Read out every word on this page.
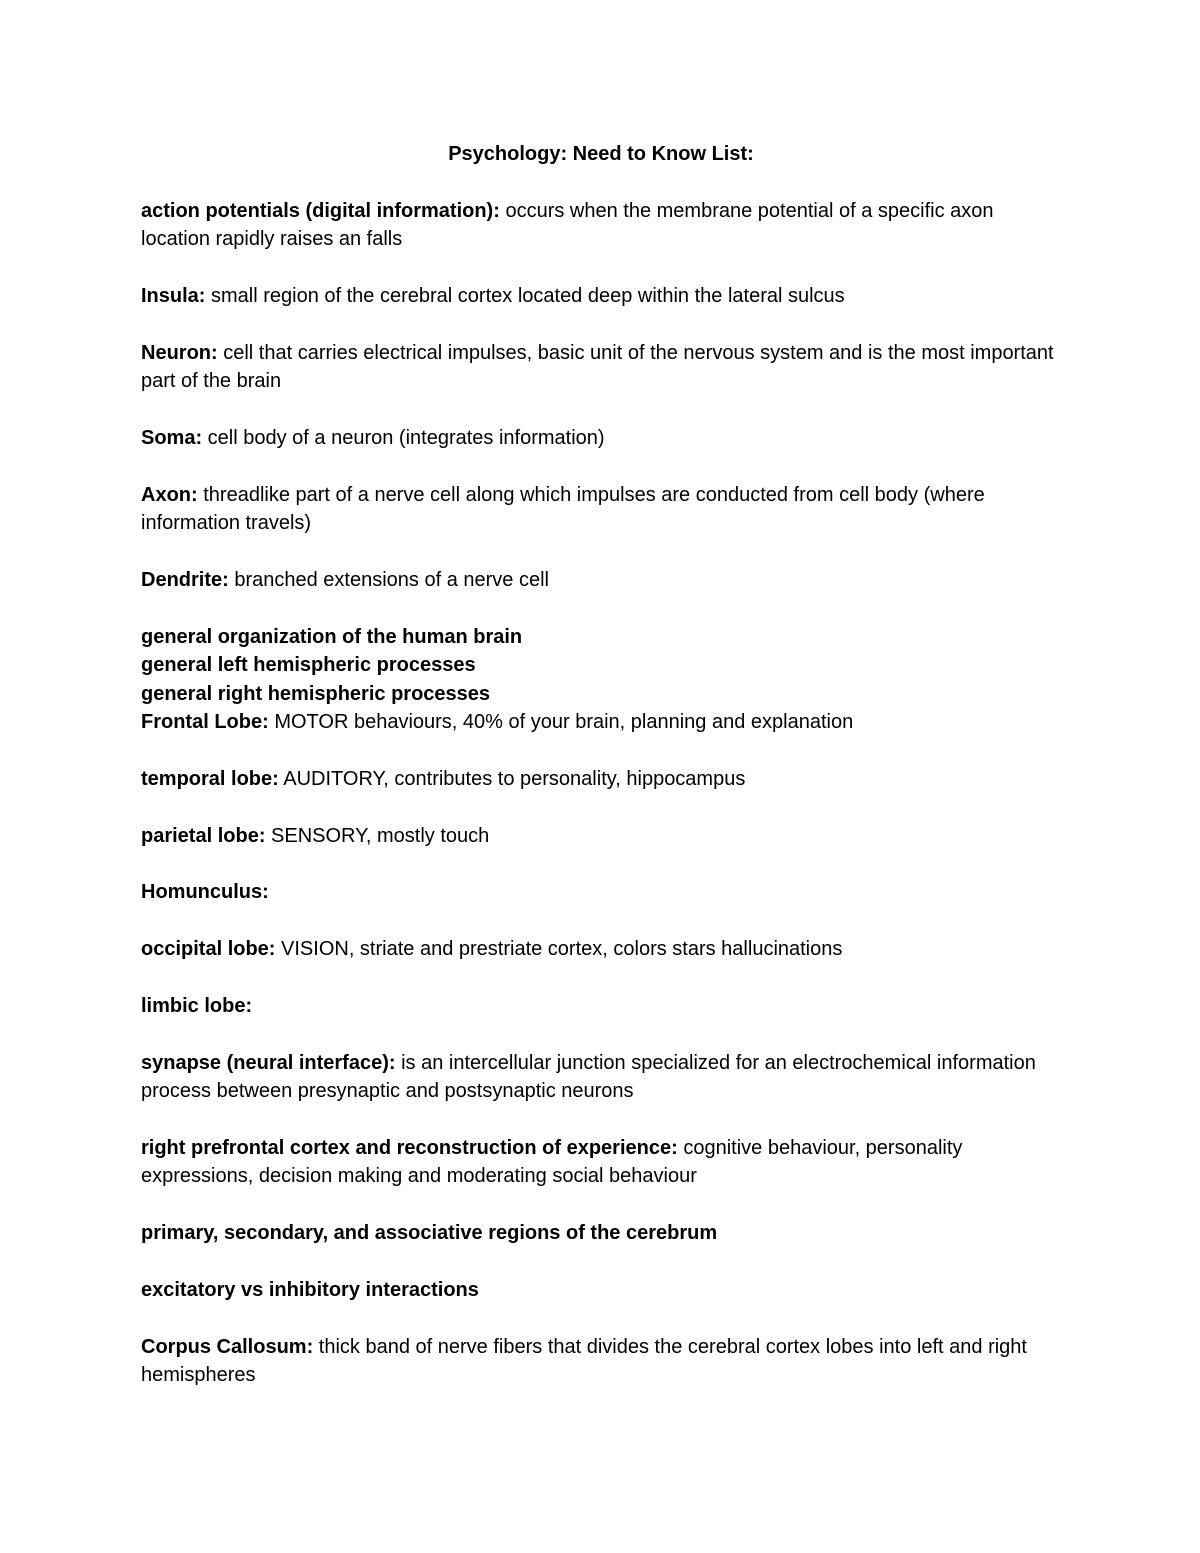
Psychology: Need to Know List:

action potentials (digital information): occurs when the membrane potential of a specific axon location rapidly raises an falls

Insula: small region of the cerebral cortex located deep within the lateral sulcus

Neuron: cell that carries electrical impulses, basic unit of the nervous system and is the most important part of the brain

Soma: cell body of a neuron (integrates information)

Axon: threadlike part of a nerve cell along which impulses are conducted from cell body (where information travels)

Dendrite: branched extensions of a nerve cell

general organization of the human brain

general left hemispheric processes

general right hemispheric processes

Frontal Lobe: MOTOR behaviours, 40% of your brain, planning and explanation

temporal lobe: AUDITORY, contributes to personality, hippocampus

parietal lobe: SENSORY, mostly touch

Homunculus:

occipital lobe: VISION, striate and prestriate cortex, colors stars hallucinations

limbic lobe:

synapse (neural interface): is an intercellular junction specialized for an electrochemical information process between presynaptic and postsynaptic neurons

right prefrontal cortex and reconstruction of experience: cognitive behaviour, personality expressions, decision making and moderating social behaviour

primary, secondary, and associative regions of the cerebrum

excitatory vs inhibitory interactions

Corpus Callosum: thick band of nerve fibers that divides the cerebral cortex lobes into left and right hemispheres
